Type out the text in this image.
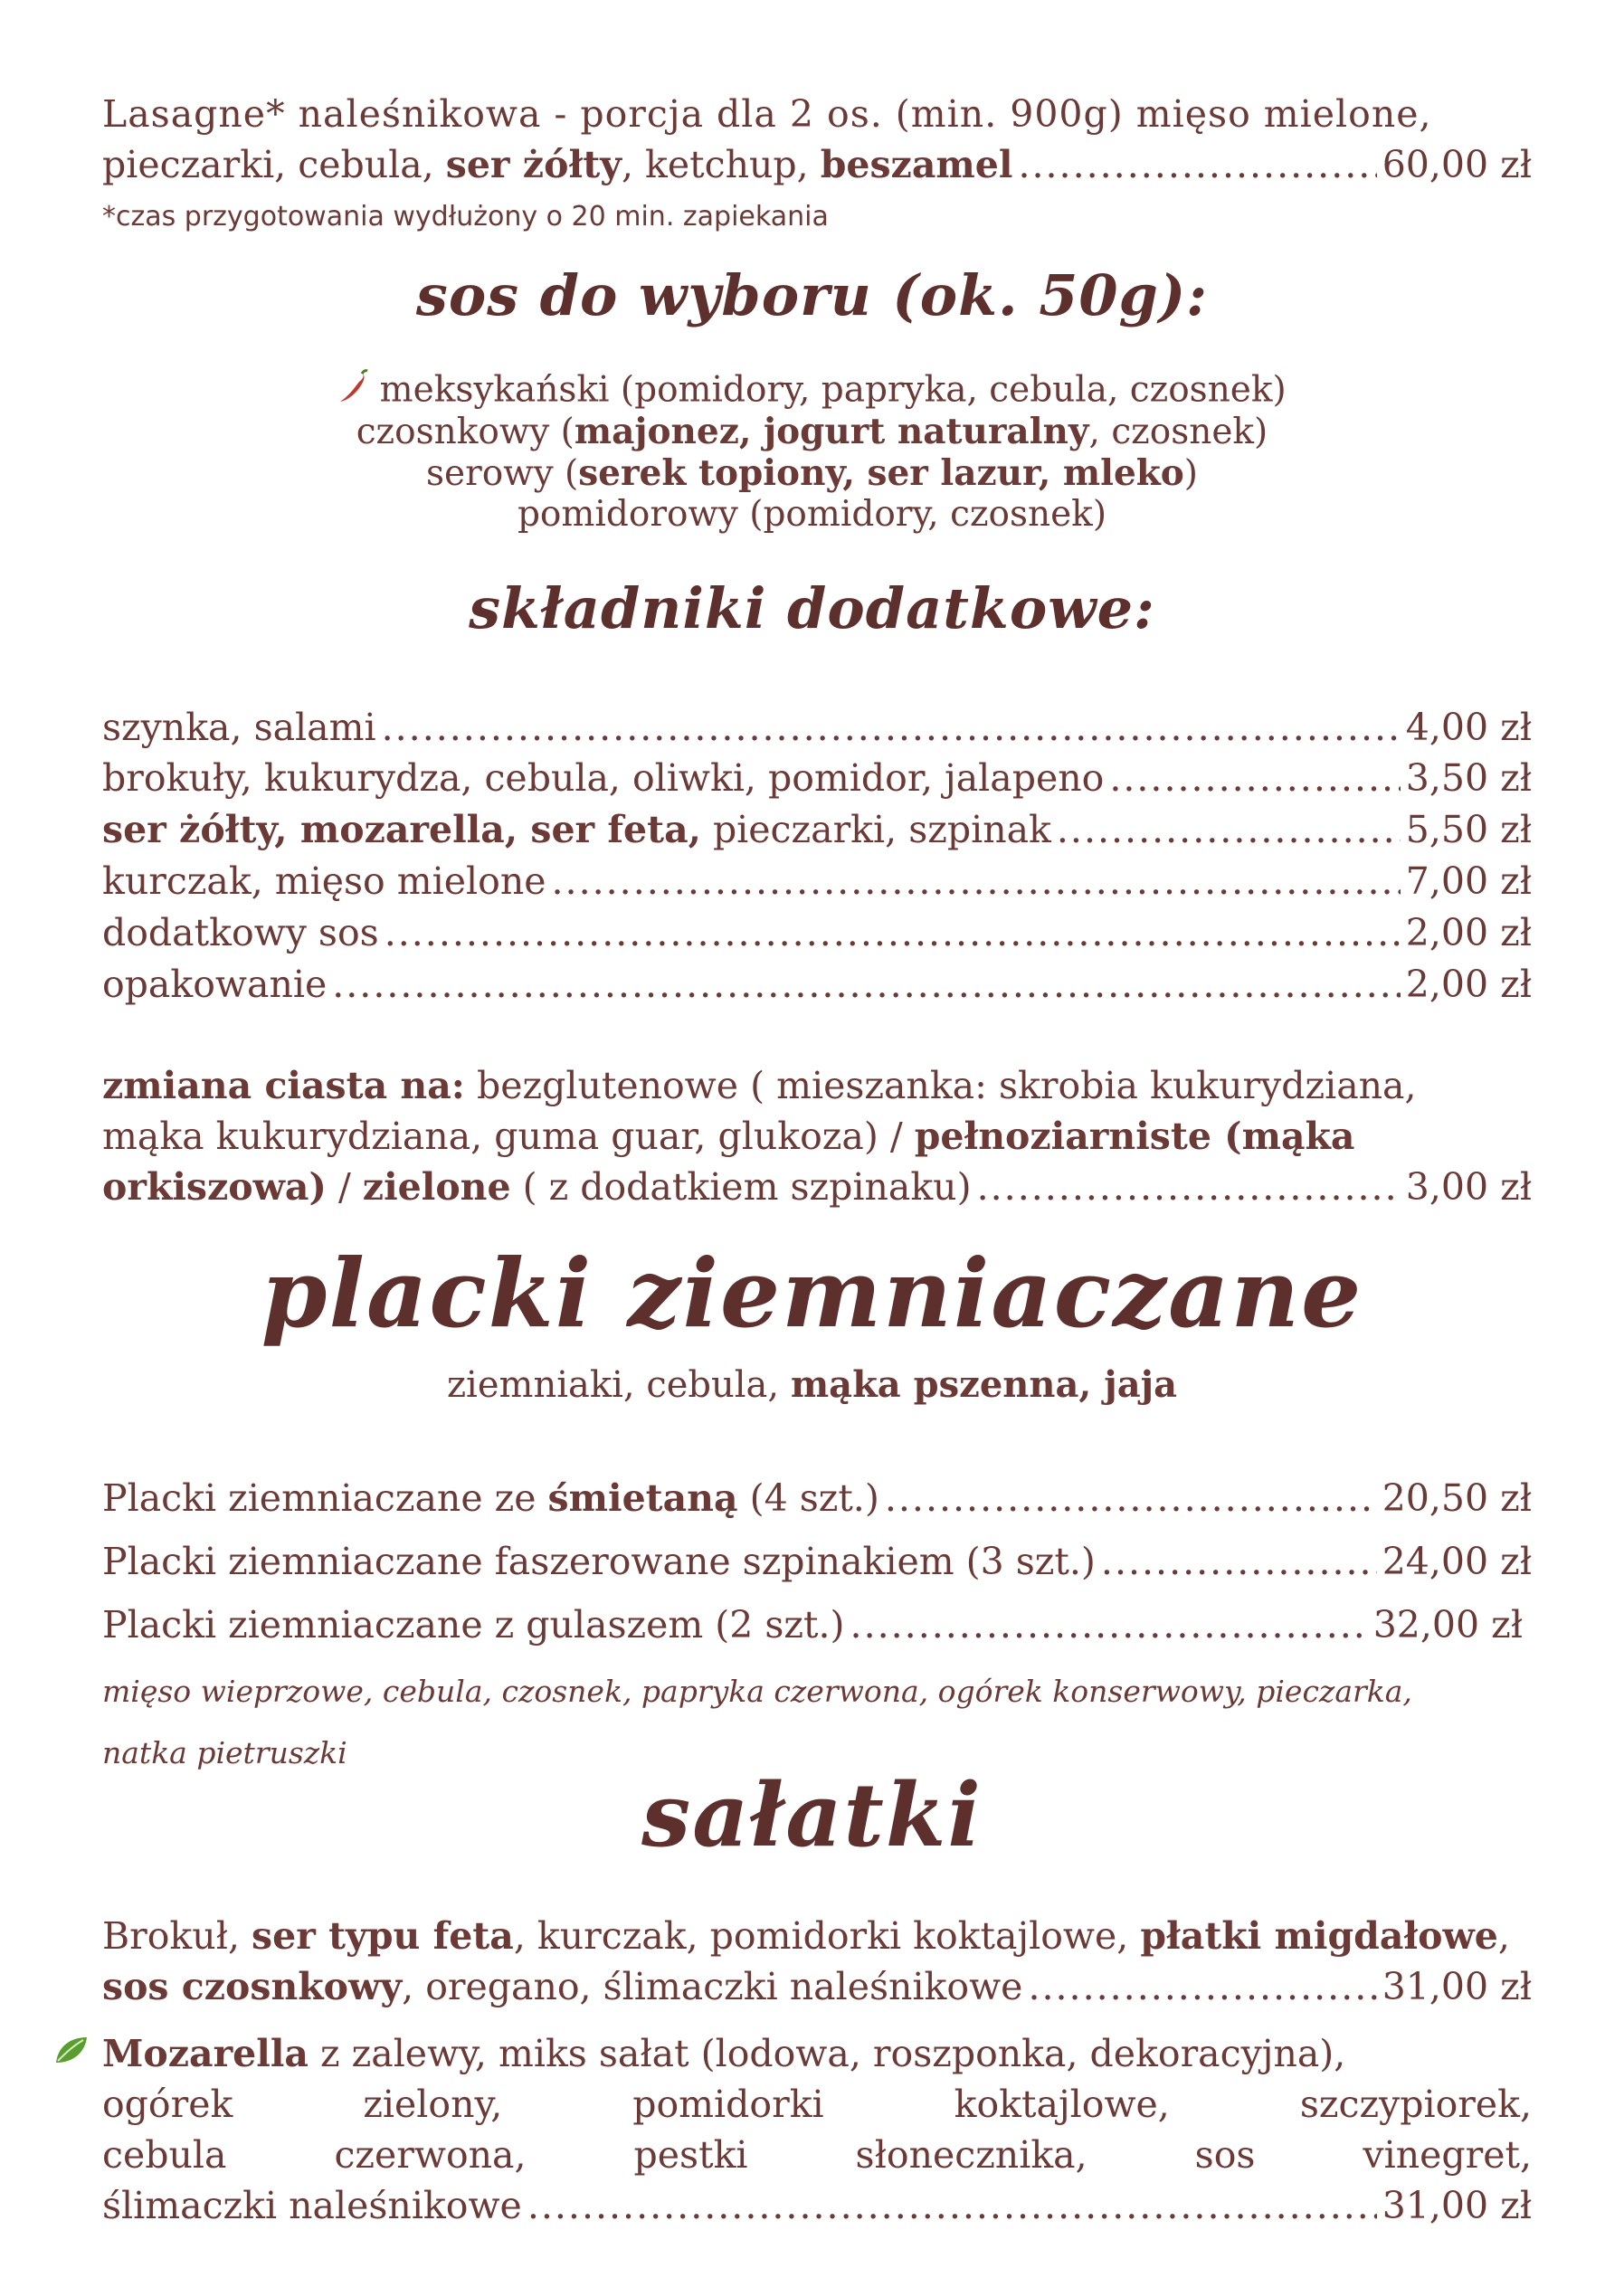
Lasagne* naleśnikowa - porcja dla 2 os. (min. 900g) mięso mielone,
pieczarki, cebula, ser żółty, ketchup, beszamel .....	60,00 zł
*czas przygotowania wydłużony o 20 min. zapiekania
sos do wyboru (ok. 50g):
meksykański (pomidory, papryka, cebula, czosnek)
czosnkowy (majonez, jogurt naturalny, czosnek)
serowy (serek topiony, ser lazur, mleko)
pomidorowy (pomidory, czosnek)
składniki dodatkowe:
szynka, salami .....	4,00 zł
brokuły, kukurydza, cebula, oliwki, pomidor, jalapeno .....	3,50 zł
ser żółty, mozarella, ser feta, pieczarki, szpinak .....	5,50 zł
kurczak, mięso mielone .....	7,00 zł
dodatkowy sos .....	2,00 zł
opakowanie .....	2,00 zł
zmiana ciasta na: bezglutenowe ( mieszanka: skrobia kukurydziana,
mąka kukurydziana, guma guar, glukoza) / pełnoziarniste (mąka
orkiszowa) / zielone ( z dodatkiem szpinaku) .....	3,00 zł
placki ziemniaczane
ziemniaki, cebula, mąka pszenna, jaja
Placki ziemniaczane ze śmietaną (4 szt.) .....	20,50 zł
Placki ziemniaczane faszerowane szpinakiem (3 szt.) .....	24,00 zł
Placki ziemniaczane z gulaszem (2 szt.) .....	32,00 zł
mięso wieprzowe, cebula, czosnek, papryka czerwona, ogórek konserwowy, pieczarka,
natka pietruszki
sałatki
Brokuł, ser typu feta, kurczak, pomidorki koktajlowe, płatki migdałowe,
sos czosnkowy, oregano, ślimaczki naleśnikowe .....	31,00 zł
Mozarella z zalewy, miks sałat (lodowa, roszponka, dekoracyjna),
ogórek zielony, pomidorki koktajlowe, szczypiorek,
cebula czerwona, pestki słonecznika, sos vinegret,
ślimaczki naleśnikowe .....	31,00 zł
